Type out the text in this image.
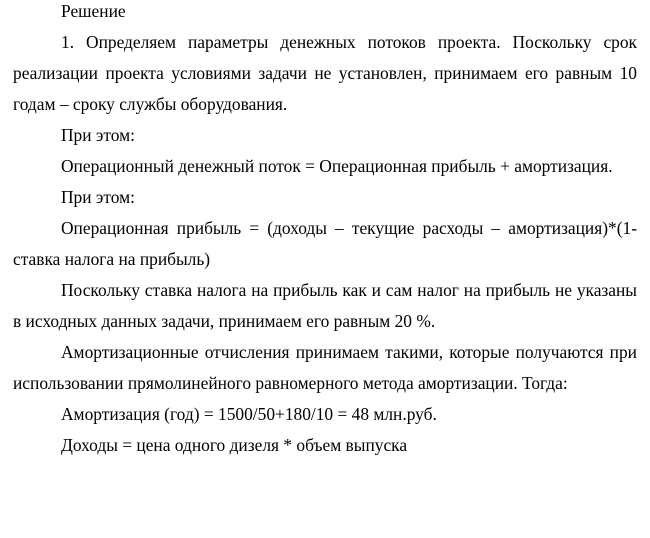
Решение

1. Определяем параметры денежных потоков проекта. Поскольку срок реализации проекта условиями задачи не установлен, принимаем его равным 10 годам – сроку службы оборудования.

При этом:

Операционный денежный поток = Операционная прибыль + амортизация.

При этом:

Операционная прибыль = (доходы – текущие расходы – амортизация)*(1- ставка налога на прибыль)

Поскольку ставка налога на прибыль как и сам налог на прибыль не указаны в исходных данных задачи, принимаем его равным 20 %.

Амортизационные отчисления принимаем такими, которые получаются при использовании прямолинейного равномерного метода амортизации. Тогда:

Амортизация (год) = 1500/50+180/10 = 48 млн.руб.

Доходы = цена одного дизеля * объем выпуска
